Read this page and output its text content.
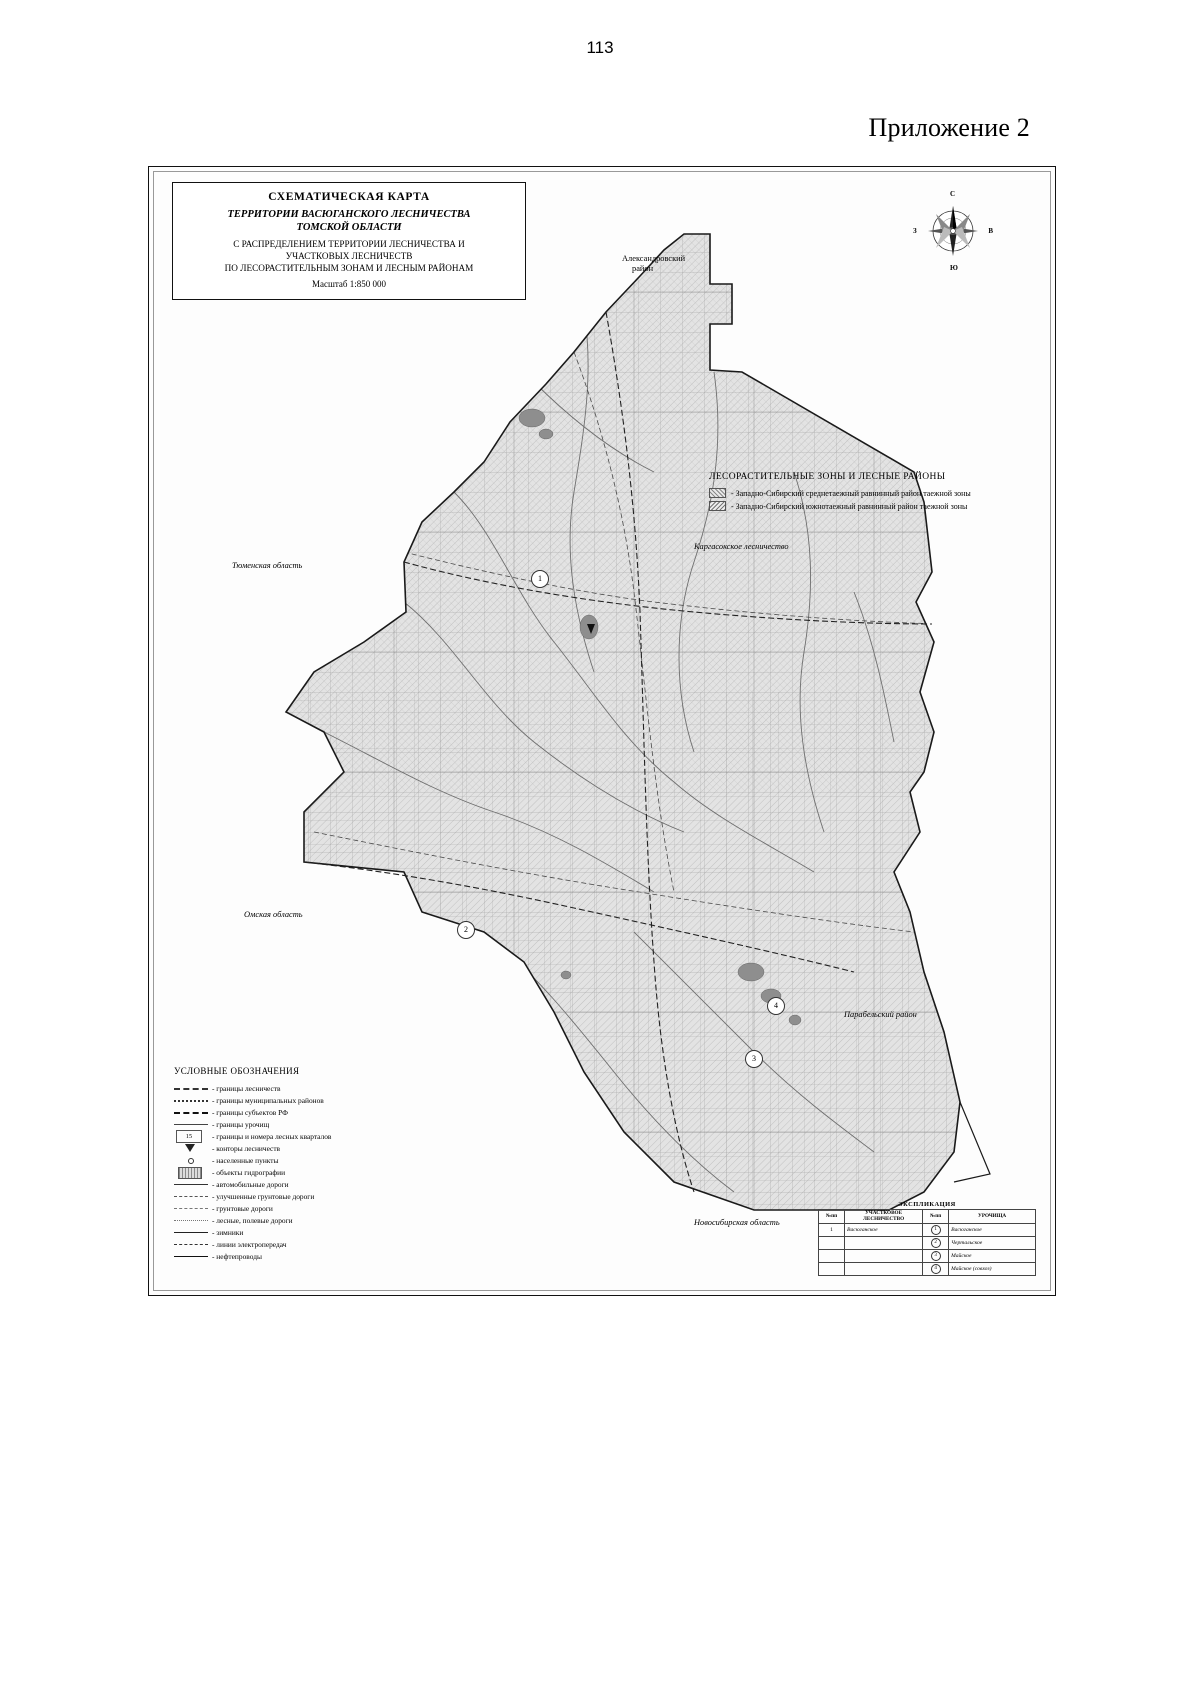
113
Приложение 2
СХЕМАТИЧЕСКАЯ КАРТА
ТЕРРИТОРИИ ВАСЮГАНСКОГО ЛЕСНИЧЕСТВА
ТОМСКОЙ ОБЛАСТИ
С РАСПРЕДЕЛЕНИЕМ ТЕРРИТОРИИ ЛЕСНИЧЕСТВА И
УЧАСТКОВЫХ ЛЕСНИЧЕСТВ
ПО ЛЕСОРАСТИТЕЛЬНЫМ ЗОНАМ И ЛЕСНЫМ РАЙОНАМ
Масштаб 1:850 000
С
Ю
З	В
ЛЕСОРАСТИТЕЛЬНЫЕ ЗОНЫ И ЛЕСНЫЕ РАЙОНЫ
- Западно-Сибирский среднетаежный равнинный район таежной зоны
- Западно-Сибирский южнотаежный равнинный район таежной зоны
Александровский
район
Каргасокское лесничество
Тюменская область
Омская область
Парабельский район
Новосибирская область
1
2
3
4
УСЛОВНЫЕ ОБОЗНАЧЕНИЯ
- границы лесничеств
- границы муниципальных районов
- границы субъектов РФ
- границы урочищ
15	- границы и номера лесных кварталов
- конторы лесничеств
- населенные пункты
- объекты гидрографии
- автомобильные дороги
- улучшенные грунтовые дороги
- грунтовые дороги
- лесные, полевые дороги
- зимники
- линии электропередач
- нефтепроводы
ЭКСПЛИКАЦИЯ
№пп	УЧАСТКОВОЕ ЛЕСНИЧЕСТВО	№пп	УРОЧИЩА
1	Васюганское	1	Васюганское
		2	Чертальское
		3	Майское
		4	Майское (совхоз)
